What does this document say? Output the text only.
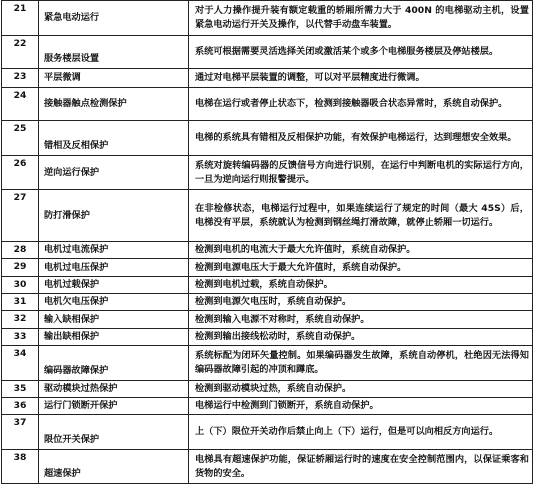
21	紧急电动运行	对于人力操作提升装有额定载重的轿厢所需力大于 400N 的电梯驱动主机，设置紧急电动运行开关及操作，以代替手动盘车装置。
22	服务楼层设置	系统可根据需要灵活选择关闭或激活某个或多个电梯服务楼层及停站楼层。
23	平层微调	通过对电梯平层装置的调整，可以对平层精度进行微调。
24	接触器触点检测保护	电梯在运行或者停止状态下，检测到接触器吸合状态异常时，系统自动保护。
25	错相及反相保护	电梯的系统具有错相及反相保护功能，有效保护电梯运行，达到理想安全效果。
26	逆向运行保护	系统对旋转编码器的反馈信号方向进行识别，在运行中判断电机的实际运行方向，一旦为逆向运行则报警提示。
27	防打滑保护	在非检修状态，电梯运行过程中，如果连续运行了规定的时间（最大 45S）后，电梯没有平层，系统就认为检测到钢丝绳打滑故障，就停止轿厢一切运行。
28	电机过电流保护	检测到电机的电流大于最大允许值时，系统自动保护。
29	电机过电压保护	检测到电源电压大于最大允许值时，系统自动保护。
30	电机过载保护	检测到电机过载，系统自动保护。
31	电机欠电压保护	检测到电源欠电压时，系统自动保护。
32	输入缺相保护	检测到输入电源不对称时，系统自动保护。
33	输出缺相保护	检测到输出接线松动时，系统自动保护。
34	编码器故障保护	系统标配为闭环矢量控制。如果编码器发生故障，系统自动停机，杜绝因无法得知编码器故障引起的冲顶和蹲底。
35	驱动模块过热保护	检测到驱动模块过热，系统自动保护。
36	运行门锁断开保护	电梯运行中检测到门锁断开，系统自动保护。
37	限位开关保护	上（下）限位开关动作后禁止向上（下）运行，但是可以向相反方向运行。
38	超速保护	电梯具有超速保护功能，保证轿厢运行时的速度在安全控制范围内，以保证乘客和货物的安全。
